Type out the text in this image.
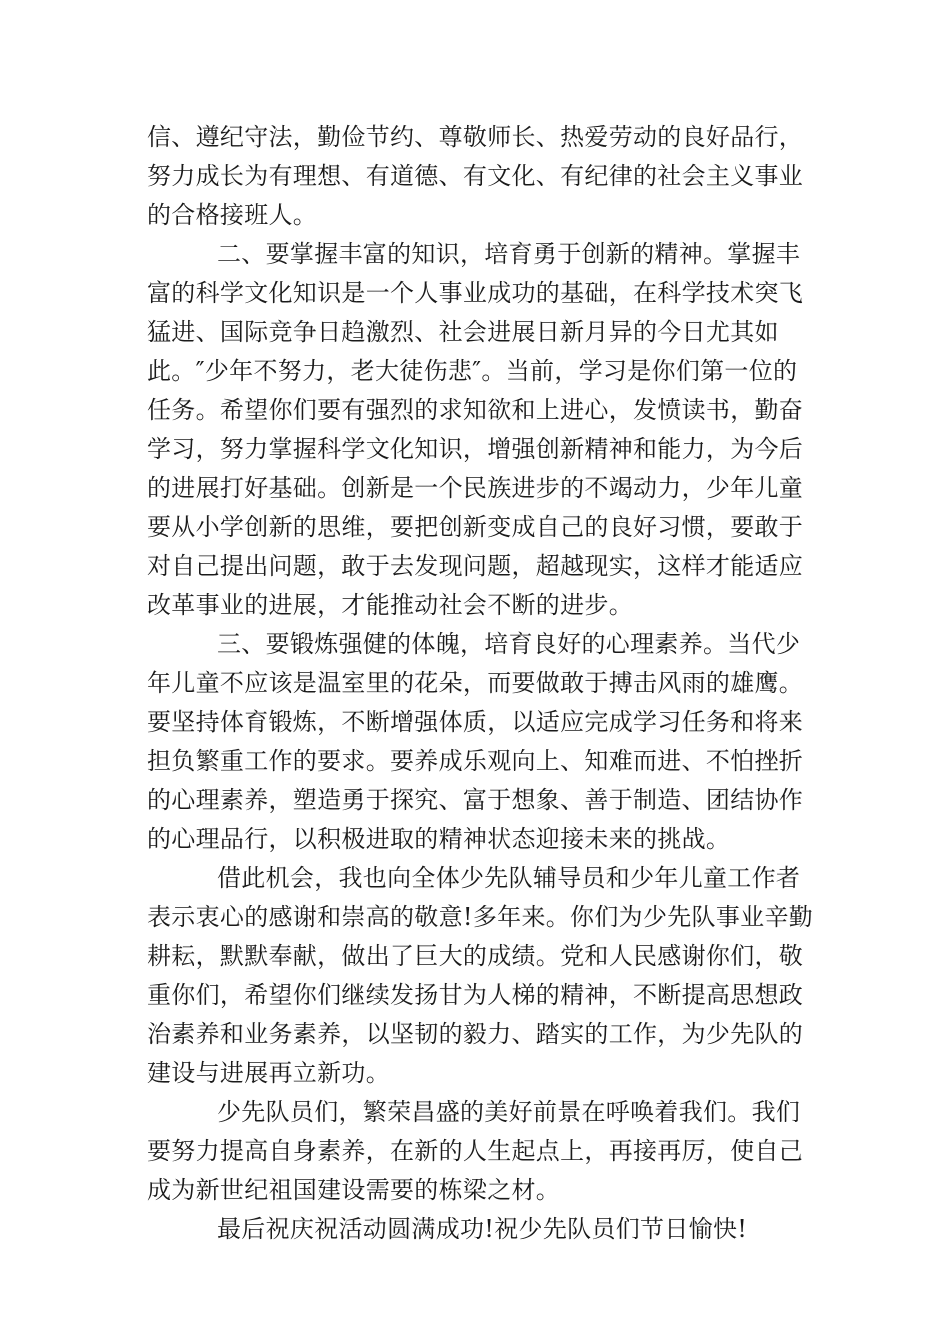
信、遵纪守法，勤俭节约、尊敬师长、热爱劳动的良好品行，
努力成长为有理想、有道德、有文化、有纪律的社会主义事业
的合格接班人。
二、要掌握丰富的知识，培育勇于创新的精神。掌握丰
富的科学文化知识是一个人事业成功的基础，在科学技术突飞
猛进、国际竞争日趋激烈、社会进展日新月异的今日尤其如
此。″少年不努力，老大徒伤悲″。当前，学习是你们第一位的
任务。希望你们要有强烈的求知欲和上进心，发愤读书，勤奋
学习，努力掌握科学文化知识，增强创新精神和能力，为今后
的进展打好基础。创新是一个民族进步的不竭动力，少年儿童
要从小学创新的思维，要把创新变成自己的良好习惯，要敢于
对自己提出问题，敢于去发现问题，超越现实，这样才能适应
改革事业的进展，才能推动社会不断的进步。
三、要锻炼强健的体魄，培育良好的心理素养。当代少
年儿童不应该是温室里的花朵，而要做敢于搏击风雨的雄鹰。
要坚持体育锻炼，不断增强体质，以适应完成学习任务和将来
担负繁重工作的要求。要养成乐观向上、知难而进、不怕挫折
的心理素养，塑造勇于探究、富于想象、善于制造、团结协作
的心理品行，以积极进取的精神状态迎接未来的挑战。
借此机会，我也向全体少先队辅导员和少年儿童工作者
表示衷心的感谢和崇高的敬意!多年来。你们为少先队事业辛勤
耕耘，默默奉献，做出了巨大的成绩。党和人民感谢你们，敬
重你们，希望你们继续发扬甘为人梯的精神，不断提高思想政
治素养和业务素养，以坚韧的毅力、踏实的工作，为少先队的
建设与进展再立新功。
少先队员们，繁荣昌盛的美好前景在呼唤着我们。我们
要努力提高自身素养，在新的人生起点上，再接再厉，使自己
成为新世纪祖国建设需要的栋梁之材。
最后祝庆祝活动圆满成功!祝少先队员们节日愉快!
